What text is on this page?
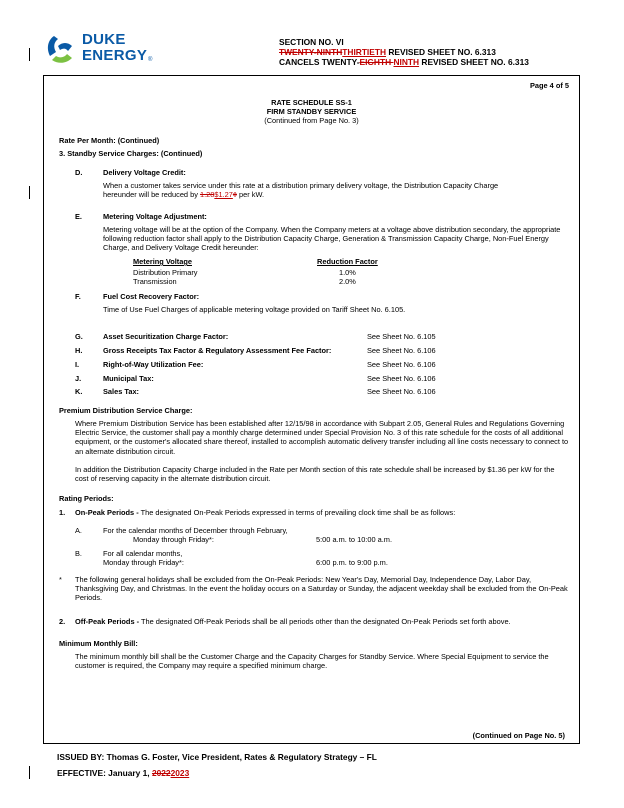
DUKE
ENERGY ®
SECTION NO. VI
TWENTY-NINTHTHIRTIETH REVISED SHEET NO. 6.313
CANCELS TWENTY-EIGHTH NINTH REVISED SHEET NO. 6.313
Page 4 of 5
RATE SCHEDULE SS-1
FIRM STANDBY SERVICE
(Continued from Page No. 3)
Rate Per Month: (Continued)
3. Standby Service Charges: (Continued)
D.	Delivery Voltage Credit:
When a customer takes service under this rate at a distribution primary delivery voltage, the Distribution Capacity Charge
hereunder will be reduced by 1.28$1.27¢ per kW.
E.	Metering Voltage Adjustment:
Metering voltage will be at the option of the Company. When the Company meters at a voltage above distribution secondary, the appropriate following reduction factor shall apply to the Distribution Capacity Charge, Generation & Transmission Capacity Charge, Non-Fuel Energy Charge, and Delivery Voltage Credit hereunder:
Metering Voltage	Reduction Factor
Distribution Primary	1.0%
Transmission	2.0%
F.	Fuel Cost Recovery Factor:
Time of Use Fuel Charges of applicable metering voltage provided on Tariff Sheet No. 6.105.
G.	Asset Securitization Charge Factor:	See Sheet No. 6.105
H.	Gross Receipts Tax Factor & Regulatory Assessment Fee Factor:	See Sheet No. 6.106
I.	Right-of-Way Utilization Fee:	See Sheet No. 6.106
J.	Municipal Tax:	See Sheet No. 6.106
K.	Sales Tax:	See Sheet No. 6.106
Premium Distribution Service Charge:
Where Premium Distribution Service has been established after 12/15/98 in accordance with Subpart 2.05, General Rules and Regulations Governing Electric Service, the customer shall pay a monthly charge determined under Special Provision No. 3 of this rate schedule for the costs of all additional equipment, or the customer's allocated share thereof, installed to accomplish automatic delivery transfer including all line costs necessary to connect to an alternate distribution circuit.
In addition the Distribution Capacity Charge included in the Rate per Month section of this rate schedule shall be increased by $1.36 per kW for the cost of reserving capacity in the alternate distribution circuit.
Rating Periods:
1. On-Peak Periods - The designated On-Peak Periods expressed in terms of prevailing clock time shall be as follows:
A.	For the calendar months of December through February,
Monday through Friday*:	5:00 a.m. to 10:00 a.m.
B.	For all calendar months,
Monday through Friday*:	6:00 p.m. to 9:00 p.m.
* The following general holidays shall be excluded from the On-Peak Periods: New Year's Day, Memorial Day, Independence Day, Labor Day, Thanksgiving Day, and Christmas. In the event the holiday occurs on a Saturday or Sunday, the adjacent weekday shall be excluded from the On-Peak Periods.
2. Off-Peak Periods - The designated Off-Peak Periods shall be all periods other than the designated On-Peak Periods set forth above.
Minimum Monthly Bill:
The minimum monthly bill shall be the Customer Charge and the Capacity Charges for Standby Service. Where Special Equipment to service the customer is required, the Company may require a specified minimum charge.
(Continued on Page No. 5)
ISSUED BY: Thomas G. Foster, Vice President, Rates & Regulatory Strategy – FL
EFFECTIVE: January 1, 20222023
